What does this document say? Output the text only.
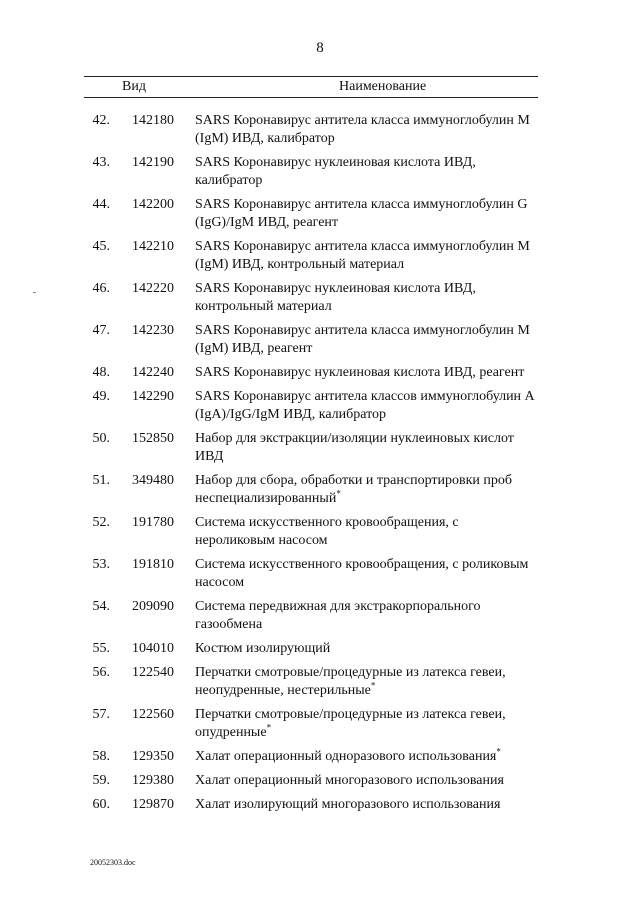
8
Вид	Наименование
42. 142180 SARS Коронавирус антитела класса иммуноглобулин M (IgM) ИВД, калибратор
43. 142190 SARS Коронавирус нуклеиновая кислота ИВД, калибратор
44. 142200 SARS Коронавирус антитела класса иммуноглобулин G (IgG)/IgM ИВД, реагент
45. 142210 SARS Коронавирус антитела класса иммуноглобулин M (IgM) ИВД, контрольный материал
46. 142220 SARS Коронавирус нуклеиновая кислота ИВД, контрольный материал
47. 142230 SARS Коронавирус антитела класса иммуноглобулин M (IgM) ИВД, реагент
48. 142240 SARS Коронавирус нуклеиновая кислота ИВД, реагент
49. 142290 SARS Коронавирус антитела классов иммуноглобулин A (IgA)/IgG/IgM ИВД, калибратор
50. 152850 Набор для экстракции/изоляции нуклеиновых кислот ИВД
51. 349480 Набор для сбора, обработки и транспортировки проб неспециализированный*
52. 191780 Система искусственного кровообращения, с нероликовым насосом
53. 191810 Система искусственного кровообращения, с роликовым насосом
54. 209090 Система передвижная для экстракорпорального газообмена
55. 104010 Костюм изолирующий
56. 122540 Перчатки смотровые/процедурные из латекса гевеи, неопудренные, нестерильные*
57. 122560 Перчатки смотровые/процедурные из латекса гевеи, опудренные*
58. 129350 Халат операционный одноразового использования*
59. 129380 Халат операционный многоразового использования
60. 129870 Халат изолирующий многоразового использования
20052303.doc
